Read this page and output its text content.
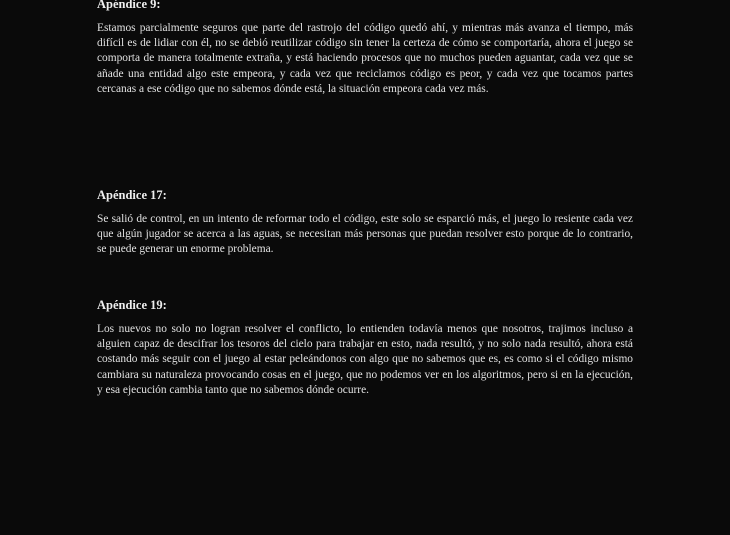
Apéndice 9:

Estamos parcialmente seguros que parte del rastrojo del código quedó ahí, y mientras más avanza el tiempo, más difícil es de lidiar con él, no se debió reutilizar código sin tener la certeza de cómo se comportaría, ahora el juego se comporta de manera totalmente extraña, y está haciendo procesos que no muchos pueden aguantar, cada vez que se añade una entidad algo este empeora, y cada vez que reciclamos código es peor, y cada vez que tocamos partes cercanas a ese código que no sabemos dónde está, la situación empeora cada vez más.

Apéndice 17:

Se salió de control, en un intento de reformar todo el código, este solo se esparció más, el juego lo resiente cada vez que algún jugador se acerca a las aguas, se necesitan más personas que puedan resolver esto porque de lo contrario, se puede generar un enorme problema.

Apéndice 19:

Los nuevos no solo no logran resolver el conflicto, lo entienden todavía menos que nosotros, trajimos incluso a alguien capaz de descifrar los tesoros del cielo para trabajar en esto, nada resultó, y no solo nada resultó, ahora está costando más seguir con el juego al estar peleándonos con algo que no sabemos que es, es como si el código mismo cambiara su naturaleza provocando cosas en el juego, que no podemos ver en los algoritmos, pero si en la ejecución, y esa ejecución cambia tanto que no sabemos dónde ocurre.
